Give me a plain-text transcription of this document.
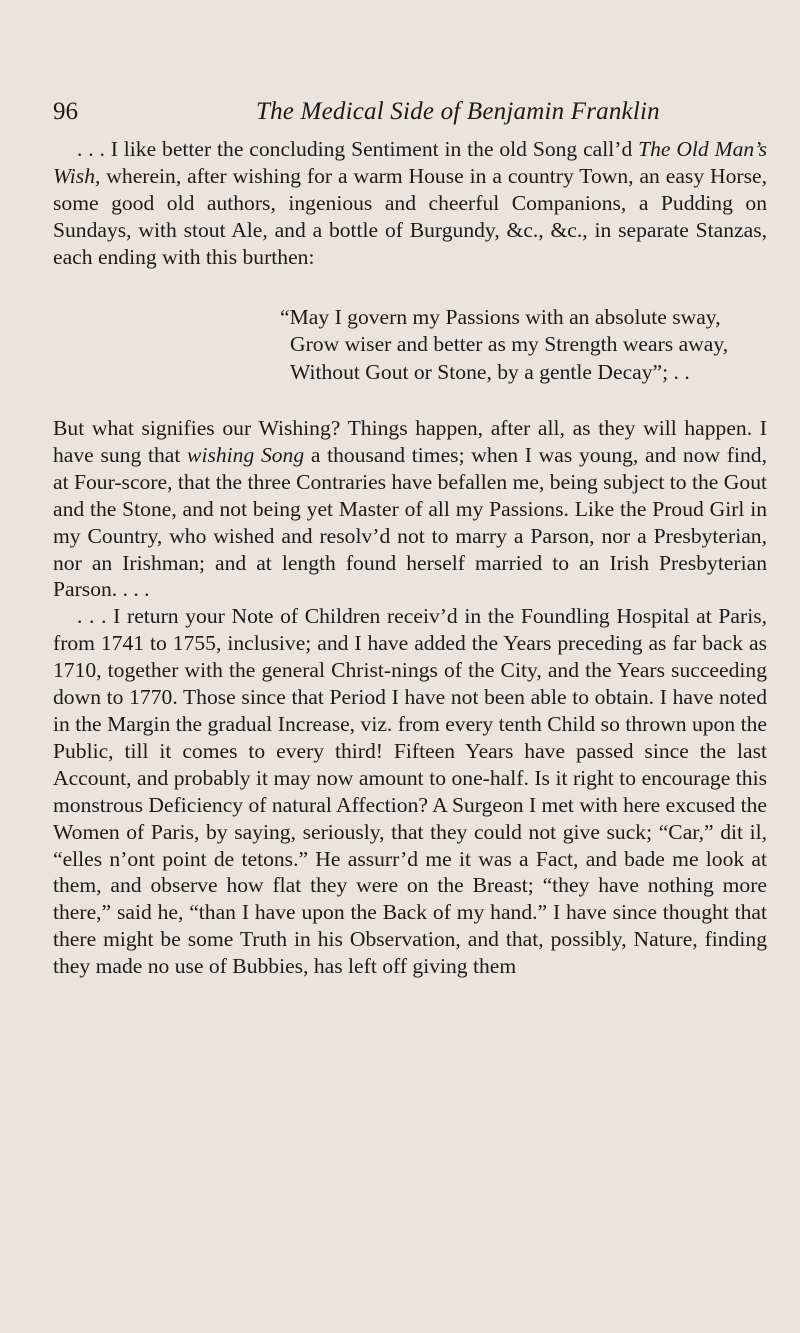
96	The Medical Side of Benjamin Franklin

. . . I like better the concluding Sentiment in the old Song call’d The Old Man’s Wish, wherein, after wishing for a warm House in a country Town, an easy Horse, some good old authors, ingenious and cheerful Companions, a Pudding on Sundays, with stout Ale, and a bottle of Burgundy, &c., &c., in separate Stanzas, each ending with this burthen:

“May I govern my Passions with an absolute sway,
Grow wiser and better as my Strength wears away,
Without Gout or Stone, by a gentle Decay”; . .

But what signifies our Wishing? Things happen, after all, as they will happen. I have sung that wishing Song a thousand times; when I was young, and now find, at Four-score, that the three Contraries have befallen me, being subject to the Gout and the Stone, and not being yet Master of all my Passions. Like the Proud Girl in my Country, who wished and resolv’d not to marry a Parson, nor a Presbyterian, nor an Irishman; and at length found herself married to an Irish Presbyterian Parson. . . .

. . . I return your Note of Children receiv’d in the Foundling Hospital at Paris, from 1741 to 1755, inclusive; and I have added the Years preceding as far back as 1710, together with the general Christ-nings of the City, and the Years succeeding down to 1770. Those since that Period I have not been able to obtain. I have noted in the Margin the gradual Increase, viz. from every tenth Child so thrown upon the Public, till it comes to every third! Fifteen Years have passed since the last Account, and probably it may now amount to one-half. Is it right to encourage this monstrous Deficiency of natural Affection? A Surgeon I met with here excused the Women of Paris, by saying, seriously, that they could not give suck; “Car,” dit il, “elles n’ont point de tetons.” He assurr’d me it was a Fact, and bade me look at them, and observe how flat they were on the Breast; “they have nothing more there,” said he, “than I have upon the Back of my hand.” I have since thought that there might be some Truth in his Observation, and that, possibly, Nature, finding they made no use of Bubbies, has left off giving them
